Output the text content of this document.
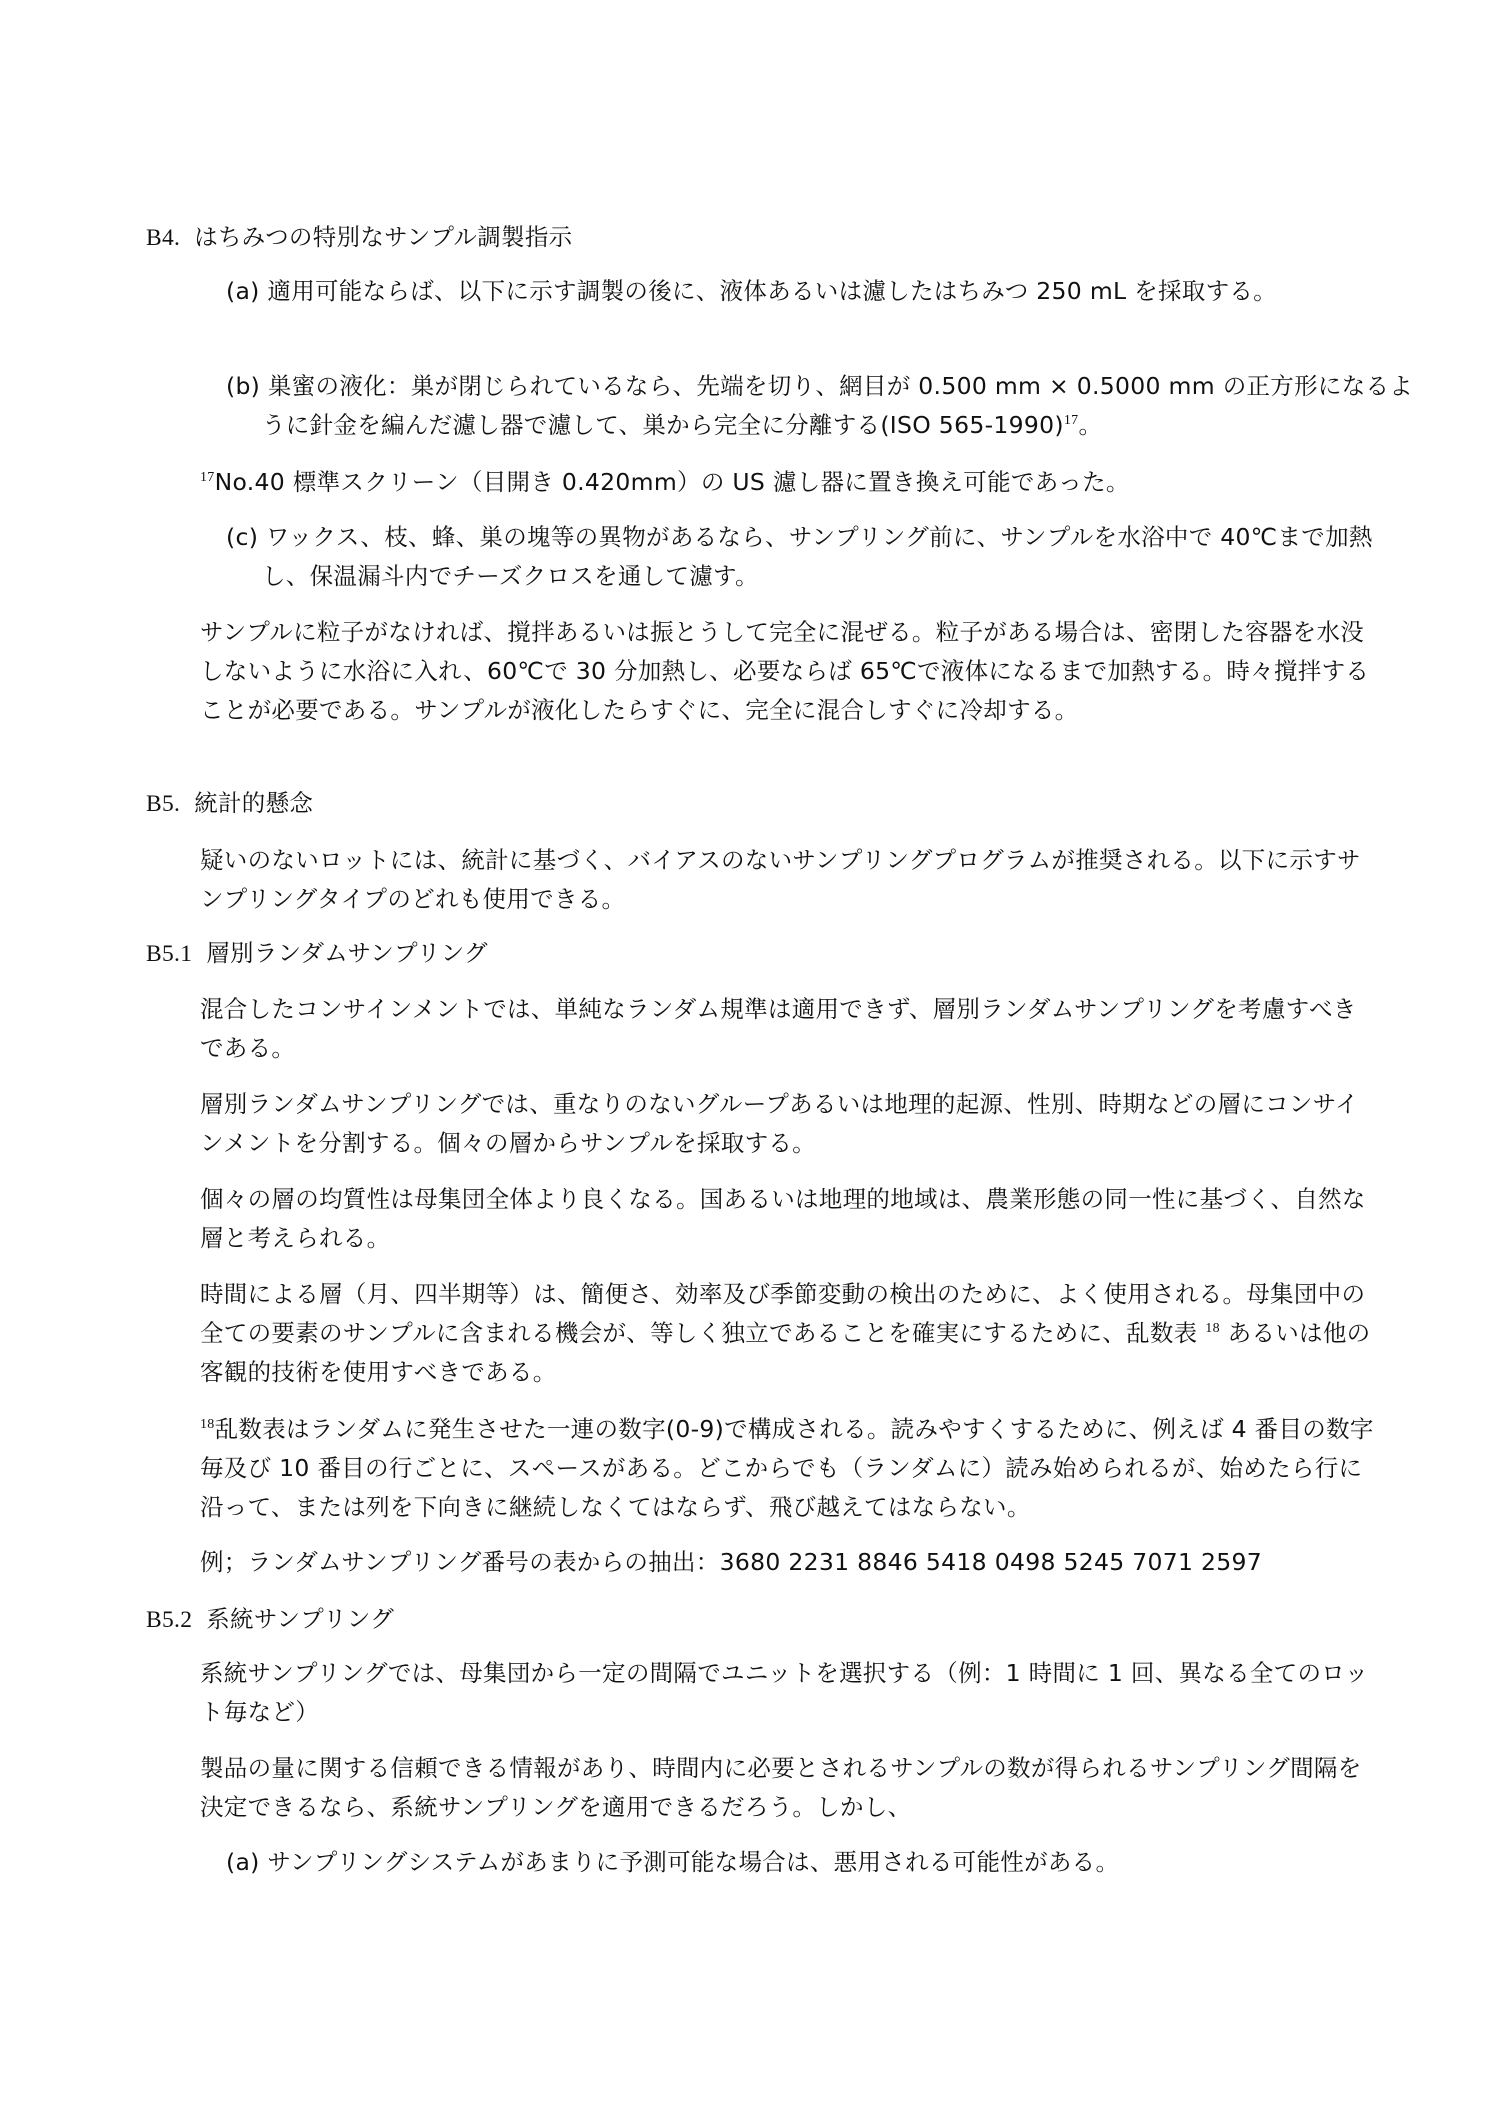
B4. はちみつの特別なサンプル調製指示
(a) 適用可能ならば、以下に示す調製の後に、液体あるいは濾したはちみつ 250 mL を採取する。
(b) 巣蜜の液化：巣が閉じられているなら、先端を切り、網目が 0.500 mm × 0.5000 mm の正方形になるように針金を編んだ濾し器で濾して、巣から完全に分離する(ISO 565-1990)$^{17}$。
$^{17}$No.40 標準スクリーン（目開き 0.420mm）の US 濾し器に置き換え可能であった。
(c) ワックス、枝、蜂、巣の塊等の異物があるなら、サンプリング前に、サンプルを水浴中で 40℃まで加熱し、保温漏斗内でチーズクロスを通して濾す。
サンプルに粒子がなければ、撹拌あるいは振とうして完全に混ぜる。粒子がある場合は、密閉した容器を水没しないように水浴に入れ、60℃で 30 分加熱し、必要ならば 65℃で液体になるまで加熱する。時々撹拌することが必要である。サンプルが液化したらすぐに、完全に混合しすぐに冷却する。
B5. 統計的懸念
疑いのないロットには、統計に基づく、バイアスのないサンプリングプログラムが推奨される。以下に示すサンプリングタイプのどれも使用できる。
B5.1 層別ランダムサンプリング
混合したコンサインメントでは、単純なランダム規準は適用できず、層別ランダムサンプリングを考慮すべきである。
層別ランダムサンプリングでは、重なりのないグループあるいは地理的起源、性別、時期などの層にコンサインメントを分割する。個々の層からサンプルを採取する。
個々の層の均質性は母集団全体より良くなる。国あるいは地理的地域は、農業形態の同一性に基づく、自然な層と考えられる。
時間による層（月、四半期等）は、簡便さ、効率及び季節変動の検出のために、よく使用される。母集団中の全ての要素のサンプルに含まれる機会が、等しく独立であることを確実にするために、乱数表 $^{18}$ あるいは他の客観的技術を使用すべきである。
$^{18}$乱数表はランダムに発生させた一連の数字(0-9)で構成される。読みやすくするために、例えば 4 番目の数字毎及び 10 番目の行ごとに、スペースがある。どこからでも（ランダムに）読み始められるが、始めたら行に沿って、または列を下向きに継続しなくてはならず、飛び越えてはならない。
例；ランダムサンプリング番号の表からの抽出：3680 2231 8846 5418 0498 5245 7071 2597
B5.2 系統サンプリング
系統サンプリングでは、母集団から一定の間隔でユニットを選択する（例：1 時間に 1 回、異なる全てのロット毎など）
製品の量に関する信頼できる情報があり、時間内に必要とされるサンプルの数が得られるサンプリング間隔を決定できるなら、系統サンプリングを適用できるだろう。しかし、
(a) サンプリングシステムがあまりに予測可能な場合は、悪用される可能性がある。
